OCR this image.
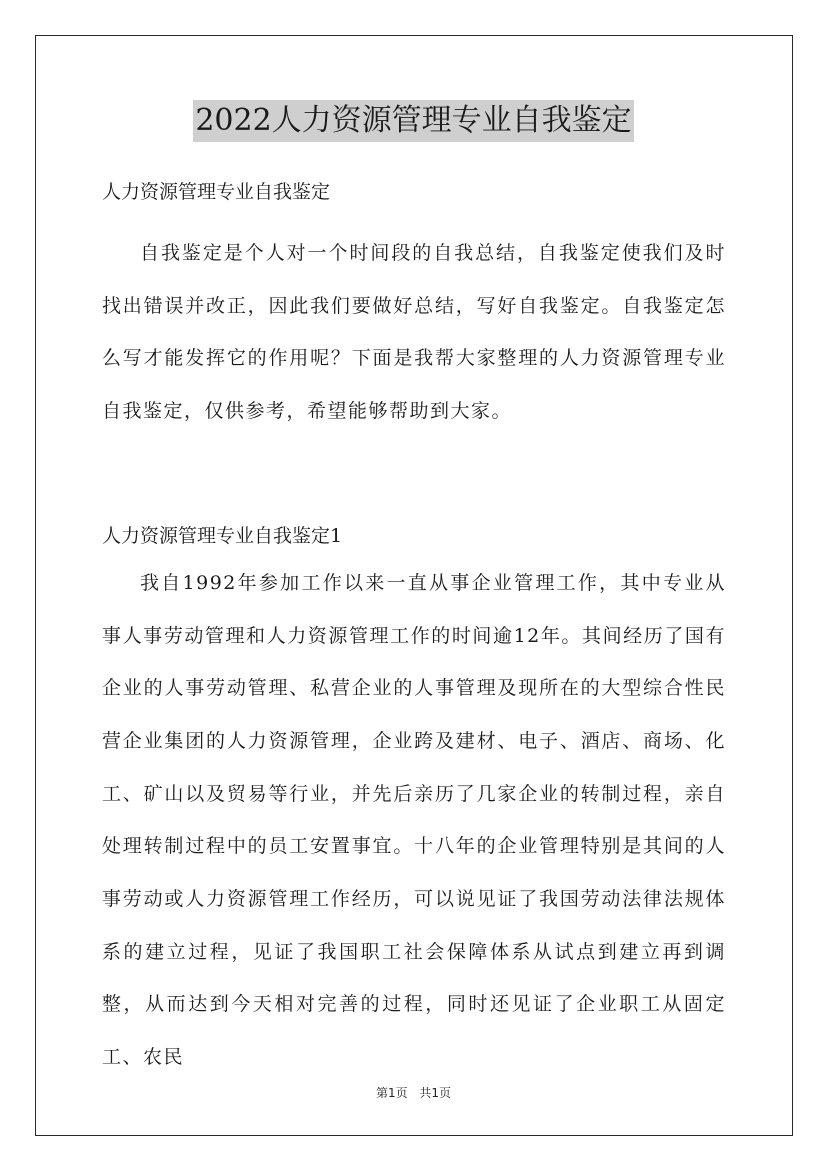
2022人力资源管理专业自我鉴定

人力资源管理专业自我鉴定

自我鉴定是个人对一个时间段的自我总结，自我鉴定使我们及时找出错误并改正，因此我们要做好总结，写好自我鉴定。自我鉴定怎么写才能发挥它的作用呢？下面是我帮大家整理的人力资源管理专业自我鉴定，仅供参考，希望能够帮助到大家。

人力资源管理专业自我鉴定1

我自1992年参加工作以来一直从事企业管理工作，其中专业从事人事劳动管理和人力资源管理工作的时间逾12年。其间经历了国有企业的人事劳动管理、私营企业的人事管理及现所在的大型综合性民营企业集团的人力资源管理，企业跨及建材、电子、酒店、商场、化工、矿山以及贸易等行业，并先后亲历了几家企业的转制过程，亲自处理转制过程中的员工安置事宜。十八年的企业管理特别是其间的人事劳动或人力资源管理工作经历，可以说见证了我国劳动法律法规体系的建立过程，见证了我国职工社会保障体系从试点到建立再到调整，从而达到今天相对完善的过程，同时还见证了企业职工从固定工、农民

第1页 共1页
